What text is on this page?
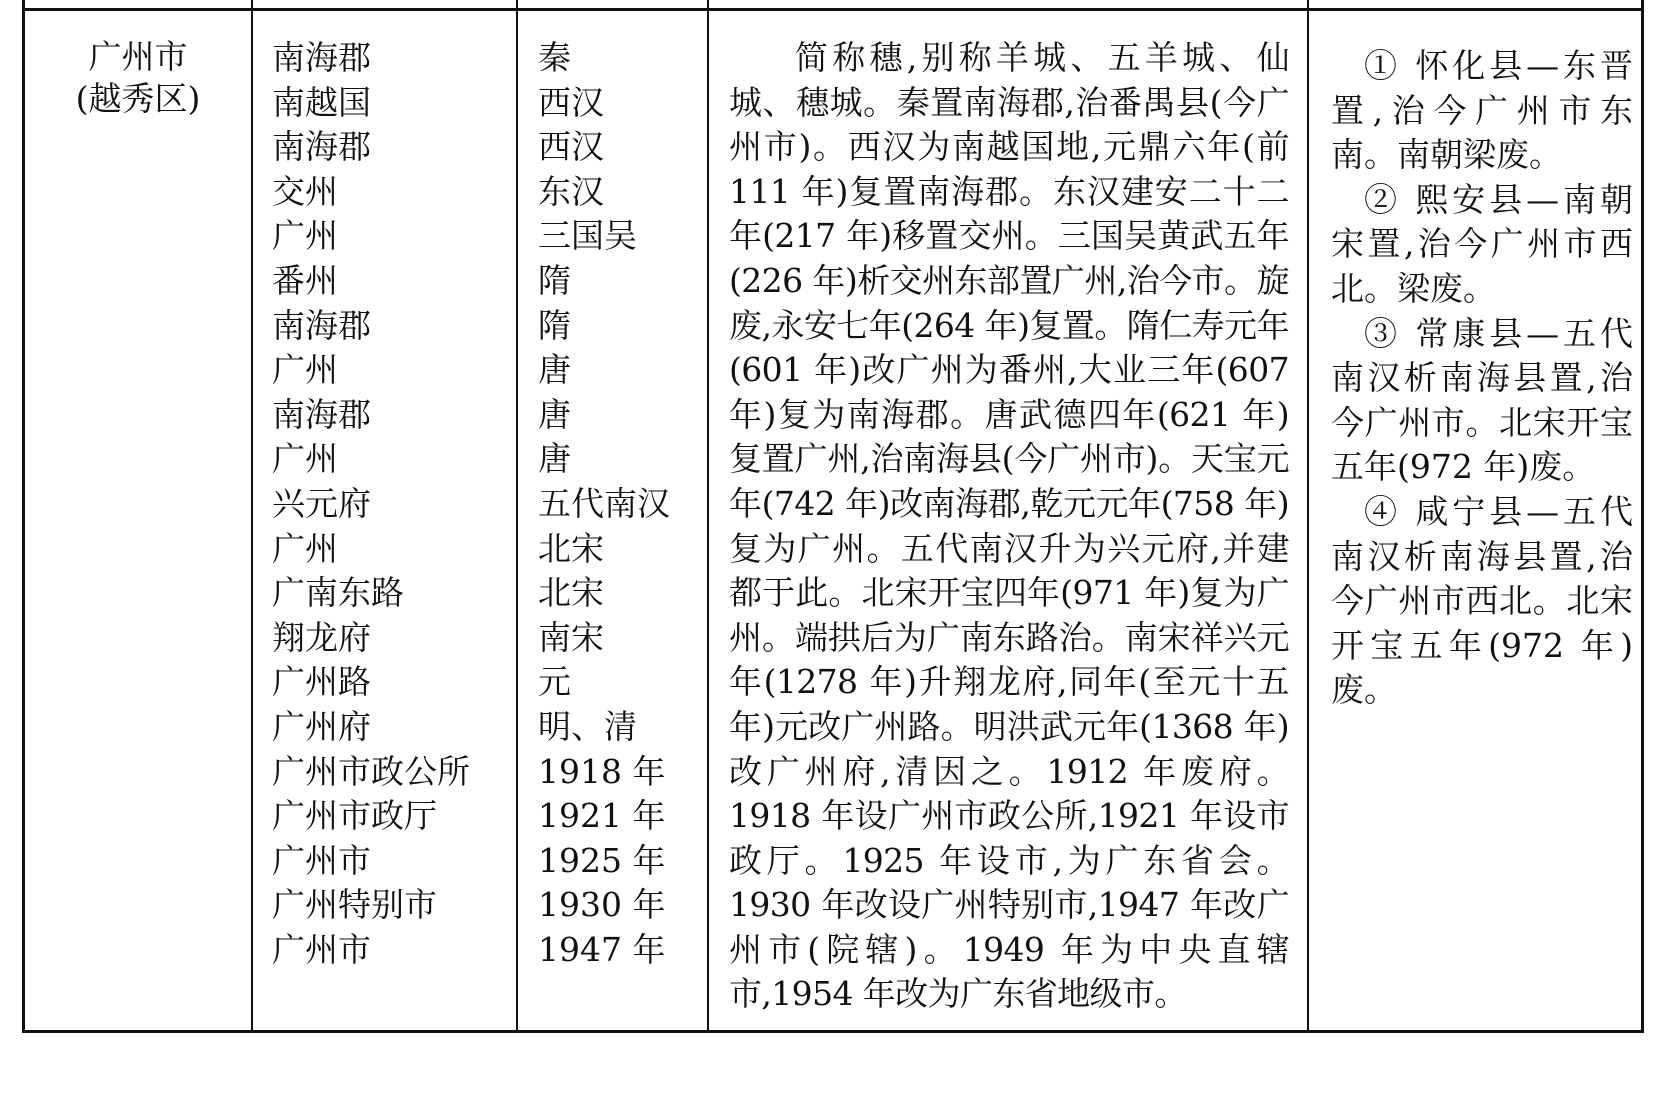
广州市
(越秀区)
南海郡
南越国
南海郡
交州
广州
番州
南海郡
广州
南海郡
广州
兴元府
广州
广南东路
翔龙府
广州路
广州府
广州市政公所
广州市政厅
广州市
广州特别市
广州市
秦
西汉
西汉
东汉
三国吴
隋
隋
唐
唐
唐
五代南汉
北宋
北宋
南宋
元
明、清
1918 年
1921 年
1925 年
1930 年
1947 年
简称穗,别称羊城、五羊城、仙城、穗城。秦置南海郡,治番禺县(今广州市)。西汉为南越国地,元鼎六年(前 111 年)复置南海郡。东汉建安二十二年(217 年)移置交州。三国吴黄武五年(226 年)析交州东部置广州,治今市。旋废,永安七年(264 年)复置。隋仁寿元年(601 年)改广州为番州,大业三年(607 年)复为南海郡。唐武德四年(621 年)复置广州,治南海县(今广州市)。天宝元年(742 年)改南海郡,乾元元年(758 年)复为广州。五代南汉升为兴元府,并建都于此。北宋开宝四年(971 年)复为广州。端拱后为广南东路治。南宋祥兴元年(1278 年)升翔龙府,同年(至元十五年)元改广州路。明洪武元年(1368 年)改广州府,清因之。1912 年废府。1918 年设广州市政公所,1921 年设市政厅。1925 年设市,为广东省会。1930 年改设广州特别市,1947 年改广州市(院辖)。1949 年为中央直辖市,1954 年改为广东省地级市。

① 怀化县—东晋置,治今广州市东南。南朝梁废。

② 熙安县—南朝宋置,治今广州市西北。梁废。

③ 常康县—五代南汉析南海县置,治今广州市。北宋开宝五年(972 年)废。

④ 咸宁县—五代南汉析南海县置,治今广州市西北。北宋开宝五年(972 年)废。
